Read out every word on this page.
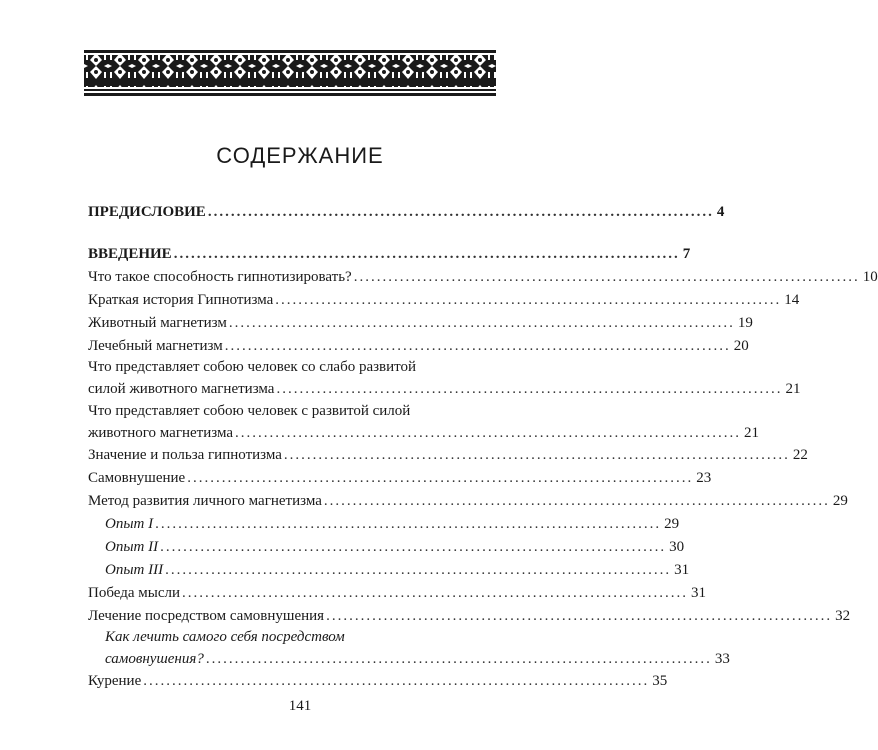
СОДЕРЖАНИЕ
ПРЕДИСЛОВИЕ ........................................................................................ 4
ВВЕДЕНИЕ ........................................................................................ 7
Что такое способность гипнотизировать? ........................................................................................ 10
Краткая история Гипнотизма ........................................................................................ 14
Животный магнетизм ........................................................................................ 19
Лечебный магнетизм ........................................................................................ 20
Что представляет собою человек со слабо развитой
силой животного магнетизма ........................................................................................ 21
Что представляет собою человек с развитой силой
животного магнетизма ........................................................................................ 21
Значение и польза гипнотизма ........................................................................................ 22
Самовнушение ........................................................................................ 23
Метод развития личного магнетизма ........................................................................................ 29
Опыт I ........................................................................................ 29
Опыт II ........................................................................................ 30
Опыт III ........................................................................................ 31
Победа мысли ........................................................................................ 31
Лечение посредством самовнушения ........................................................................................ 32
Как лечить самого себя посредством
самовнушения? ........................................................................................ 33
Курение ........................................................................................ 35
141
